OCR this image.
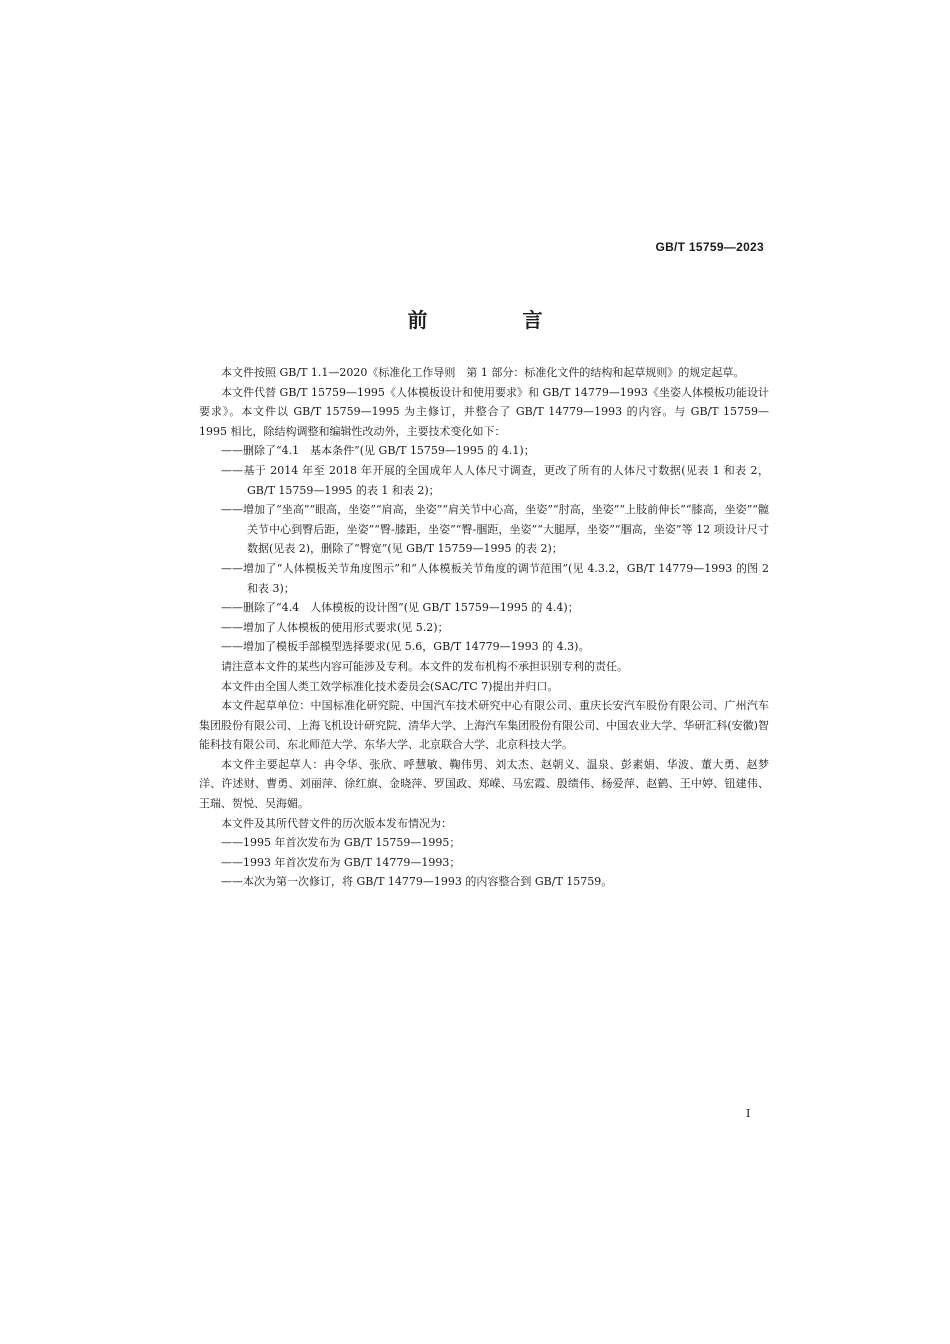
GB/T 15759—2023
前 言

本文件按照 GB/T 1.1—2020《标准化工作导则　第 1 部分：标准化文件的结构和起草规则》的规定起草。

本文件代替 GB/T 15759—1995《人体模板设计和使用要求》和 GB/T 14779—1993《坐姿人体模板功能设计要求》。本文件以 GB/T 15759—1995 为主修订，并整合了 GB/T 14779—1993 的内容。与 GB/T 15759—1995 相比，除结构调整和编辑性改动外，主要技术变化如下：

——删除了“4.1　基本条件”(见 GB/T 15759—1995 的 4.1)；

——基于 2014 年至 2018 年开展的全国成年人人体尺寸调查，更改了所有的人体尺寸数据(见表 1 和表 2，GB/T 15759—1995 的表 1 和表 2)；

——增加了“坐高”“眼高，坐姿”“肩高，坐姿”“肩关节中心高，坐姿”“肘高，坐姿”“上肢前伸长”“膝高，坐姿”“髋关节中心到臀后距，坐姿”“臀-膝距，坐姿”“臀-腘距，坐姿”“大腿厚，坐姿”“腘高，坐姿”等 12 项设计尺寸数据(见表 2)，删除了“臀宽”(见 GB/T 15759—1995 的表 2)；

——增加了“人体模板关节角度图示”和“人体模板关节角度的调节范围”(见 4.3.2，GB/T 14779—1993 的图 2 和表 3)；

——删除了“4.4　人体模板的设计图”(见 GB/T 15759—1995 的 4.4)；

——增加了人体模板的使用形式要求(见 5.2)；

——增加了模板手部模型选择要求(见 5.6，GB/T 14779—1993 的 4.3)。

请注意本文件的某些内容可能涉及专利。本文件的发布机构不承担识别专利的责任。

本文件由全国人类工效学标准化技术委员会(SAC/TC 7)提出并归口。

本文件起草单位：中国标准化研究院、中国汽车技术研究中心有限公司、重庆长安汽车股份有限公司、广州汽车集团股份有限公司、上海飞机设计研究院、清华大学、上海汽车集团股份有限公司、中国农业大学、华研汇科(安徽)智能科技有限公司、东北师范大学、东华大学、北京联合大学、北京科技大学。

本文件主要起草人：冉令华、张欣、呼慧敏、鞠伟男、刘太杰、赵朝义、温泉、彭素娟、华波、董大勇、赵梦洋、许述财、曹勇、刘丽萍、徐红旗、金晓萍、罗国政、郑嵘、马宏霞、殷绩伟、杨爱萍、赵鹤、王中婷、钮建伟、王瑞、贺悦、吴海媚。

本文件及其所代替文件的历次版本发布情况为：

——1995 年首次发布为 GB/T 15759—1995；

——1993 年首次发布为 GB/T 14779—1993；

——本次为第一次修订，将 GB/T 14779—1993 的内容整合到 GB/T 15759。

I
